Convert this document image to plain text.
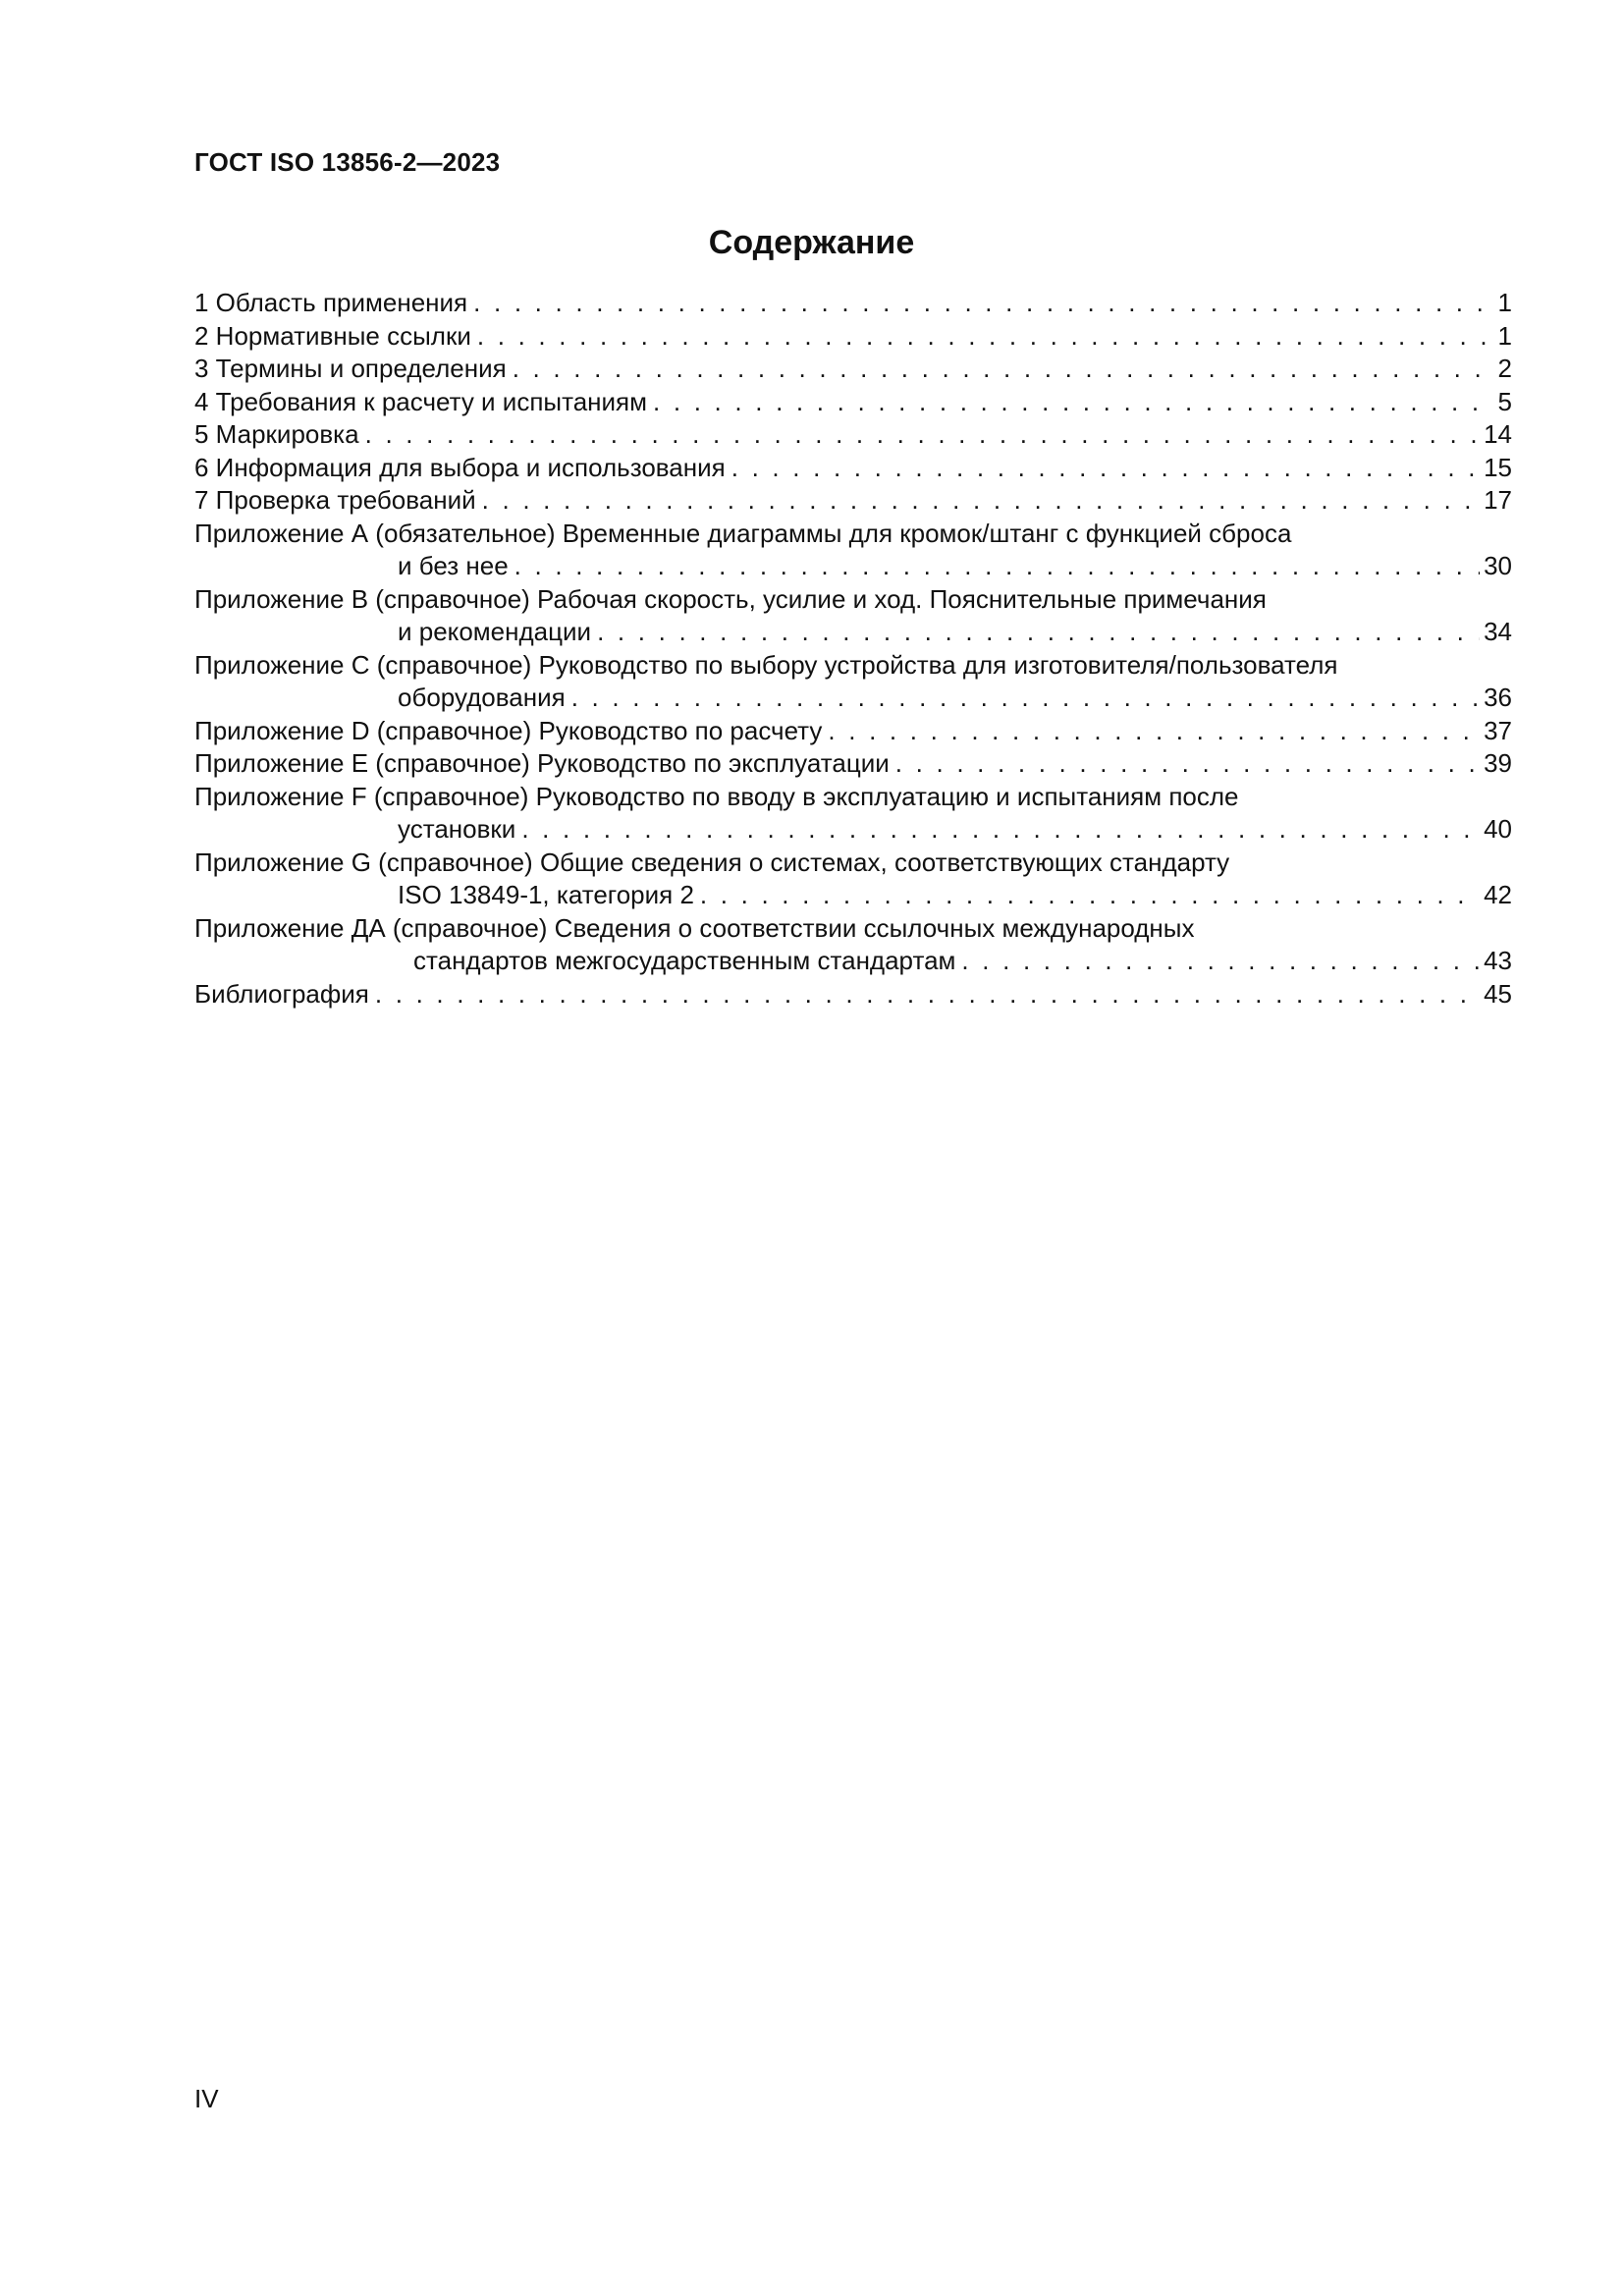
ГОСТ ISO 13856-2—2023
Содержание
1 Область применения . . .	1
2 Нормативные ссылки . . .	1
3 Термины и определения . . .	2
4 Требования к расчету и испытаниям . . .	5
5 Маркировка . . .	14
6 Информация для выбора и использования . . .	15
7 Проверка требований . . .	17
Приложение А (обязательное) Временные диаграммы для кромок/штанг с функцией сброса
и без нее . . .	30
Приложение В (справочное) Рабочая скорость, усилие и ход. Пояснительные примечания
и рекомендации . . .	34
Приложение С (справочное) Руководство по выбору устройства для изготовителя/пользователя
оборудования . . .	36
Приложение D (справочное) Руководство по расчету . . .	37
Приложение Е (справочное) Руководство по эксплуатации . . .	39
Приложение F (справочное) Руководство по вводу в эксплуатацию и испытаниям после
установки . . .	40
Приложение G (справочное) Общие сведения о системах, соответствующих стандарту
ISO 13849-1, категория 2 . . .	42
Приложение ДА (справочное) Сведения о соответствии ссылочных международных
стандартов межгосударственным стандартам . . .	43
Библиография . . .	45
IV
